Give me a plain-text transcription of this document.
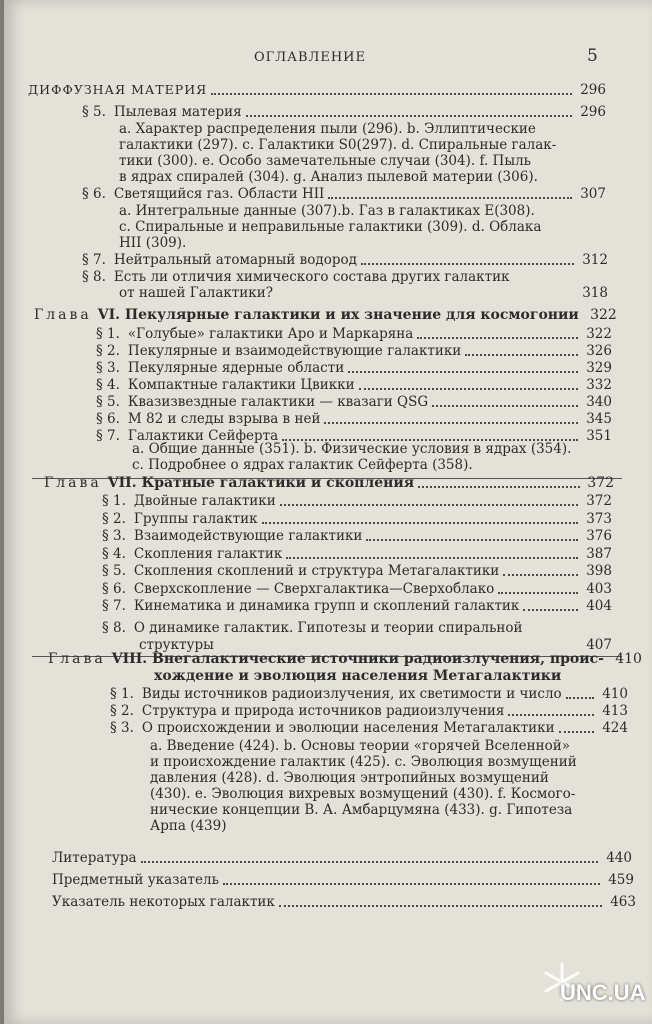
ОГЛАВЛЕНИЕ	5
ДИФФУЗНАЯ МАТЕРИЯ	296
§ 5. Пылевая материя	296
а. Характер распределения пыли (296). b. Эллиптические
галактики (297). с. Галактики S0(297). d. Спиральные галак-
тики (300). е. Особо замечательные случаи (304). f. Пыль
в ядрах спиралей (304). g. Анализ пылевой материи (306).
§ 6. Светящийся газ. Области HII	307
а. Интегральные данные (307).b. Газ в галактиках E(308).
с. Спиральные и неправильные галактики (309). d. Облака
HII (309).
§ 7. Нейтральный атомарный водород	312
§ 8. Есть ли отличия химического состава других галактик
от нашей Галактики?	318
Глава VI. Пекулярные галактики и их значение для космогонии 322
§ 1. «Голубые» галактики Аро и Маркаряна	322
§ 2. Пекулярные и взаимодействующие галактики	326
§ 3. Пекулярные ядерные области	329
§ 4. Компактные галактики Цвикки	332
§ 5. Квазизвездные галактики — квазаги QSG	340
§ 6. М 82 и следы взрыва в ней	345
§ 7. Галактики Сейферта	351
а. Общие данные (351). b. Физические условия в ядрах (354).
с. Подробнее о ядрах галактик Сейферта (358).
Глава VII. Кратные галактики и скопления	372
§ 1. Двойные галактики	372
§ 2. Группы галактик	373
§ 3. Взаимодействующие галактики	376
§ 4. Скопления галактик	387
§ 5. Скопления скоплений и структура Метагалактики	398
§ 6. Сверхскопление — Сверхгалактика—Сверхоблако	403
§ 7. Кинематика и динамика групп и скоплений галактик	404
§ 8. О динамике галактик. Гипотезы и теории спиральной
структуры	407
Глава VIII. Внегалактические источники радиоизлучения, проис- 410
хождение и эволюция населения Метагалактики
§ 1. Виды источников радиоизлучения, их светимости и число	410
§ 2. Структура и природа источников радиоизлучения	413
§ 3. О происхождении и эволюции населения Метагалактики	424
а. Введение (424). b. Основы теории «горячей Вселенной»
и происхождение галактик (425). с. Эволюция возмущений
давления (428). d. Эволюция энтропийных возмущений
(430). е. Эволюция вихревых возмущений (430). f. Космого-
нические концепции В. А. Амбарцумяна (433). g. Гипотеза
Арпа (439)
Литература	440
Предметный указатель	459
Указатель некоторых галактик	463
UNC.UA
